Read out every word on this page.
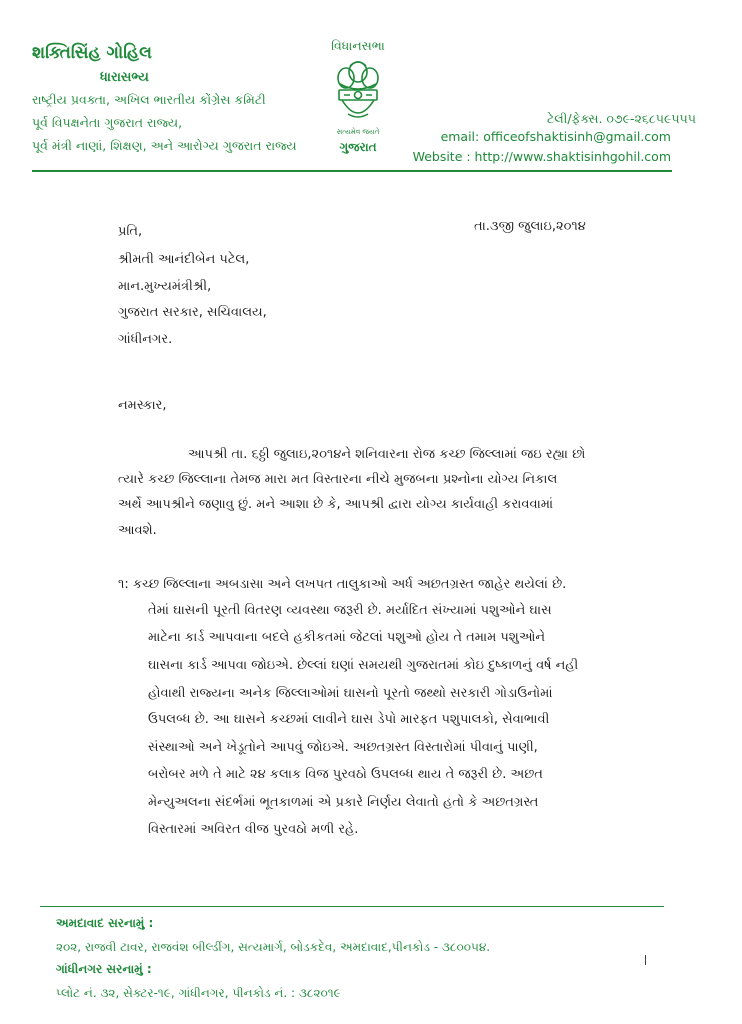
શક્તિસિંહ ગોહિલ
ધારાસભ્ય
રાષ્ટ્રીય પ્રવક્તા, અખિલ ભારતીય કોંગ્રેસ કમિટી
પૂર્વ વિપક્ષનેતા ગુજરાત રાજ્ય,
પૂર્વ મંત્રી નાણાં, શિક્ષણ, અને આરોગ્ય ગુજરાત રાજ્ય
વિધાનસભા
સત્યમેવ જયતે
ગુજરાત
ટેલી/ફેક્સ. ૦૭૯-૨૬૮૫૯૫૫૫
email: officeofshaktisinh@gmail.com
Website : http://www.shaktisinhgohil.com
તા.૩જી જુલાઇ,૨૦૧૪
પ્રતિ,
શ્રીમતી આનંદીબેન પટેલ,
માન.મુખ્યમંત્રીશ્રી,
ગુજરાત સરકાર, સચિવાલય,
ગાંધીનગર.
નમસ્કાર,
આપશ્રી તા. ૬ઠ્ઠી જુલાઇ,૨૦૧૪ને શનિવારના રોજ કચ્છ જિલ્લામાં જઇ રહ્યા છો
ત્યારે કચ્છ જિલ્લાના તેમજ મારા મત વિસ્તારના નીચે મુજબના પ્રશ્નોના યોગ્ય નિકાલ
અર્થે આપશ્રીને જણાવુ છું. મને આશા છે કે, આપશ્રી દ્વારા યોગ્ય કાર્યવાહી કરાવવામાં
આવશે.
૧: કચ્છ જિલ્લાના અબડાસા અને લખપત તાલુકાઓ અર્ધ અછતગ્રસ્ત જાહેર થયેલાં છે.
તેમાં ઘાસની પૂરતી વિતરણ વ્યવસ્થા જરૂરી છે. મર્યાદિત સંખ્યામાં પશુઓને ઘાસ
માટેના કાર્ડ આપવાના બદલે હકીકતમાં જેટલાં પશુઓ હોય તે તમામ પશુઓને
ઘાસના કાર્ડ આપવા જોઇએ. છેલ્લાં ઘણાં સમયથી ગુજરાતમાં કોઇ દુષ્કાળનું વર્ષ નહી
હોવાથી રાજ્યના અનેક જિલ્લાઓમાં ઘાસનો પૂરતો જથ્થો સરકારી ગોડાઉનોમાં
ઉપલબ્ધ છે. આ ઘાસને કચ્છમાં લાવીને ઘાસ ડેપો મારફત પશુપાલકો, સેવાભાવી
સંસ્થાઓ અને ખેડૂતોને આપવું જોઇએ. અછતગ્રસ્ત વિસ્તારોમાં પીવાનું પાણી,
બરોબર મળે તે માટે ૨૪ કલાક વિજ પુરવઠો ઉપલબ્ધ થાય તે જરૂરી છે. અછત
મેન્યુઅલના સંદર્ભમાં ભૂતકાળમાં એ પ્રકારે નિર્ણય લેવાતો હતો કે અછતગ્રસ્ત
વિસ્તારમાં અવિરત વીજ પુરવઠો મળી રહે.
અમદાવાદ સરનામું :
૨૦૨, રાજવી ટાવર, રાજવંશ બીલ્ડીંગ, સત્યમાર્ગ, બોડકદેવ, અમદાવાદ,પીનકોડ - ૩૮૦૦૫૪.
ગાંધીનગર સરનામું :
પ્લોટ નં. ૩૨, સેક્ટર-૧૯, ગાંધીનગર, પીનકોડ નં. : ૩૮૨૦૧૯
